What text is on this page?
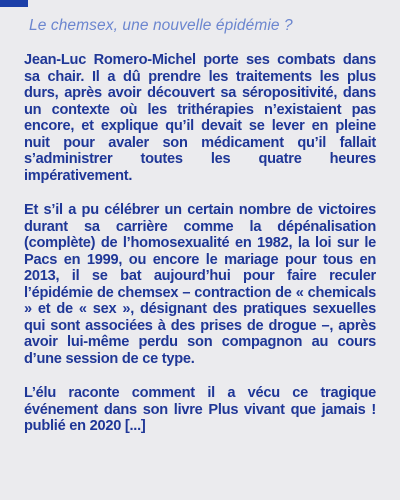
Le chemsex, une nouvelle épidémie ?

Jean-Luc Romero-Michel porte ses combats dans sa chair. Il a dû prendre les traitements les plus durs, après avoir découvert sa séropositivité, dans un contexte où les trithérapies n’existaient pas encore, et explique qu’il devait se lever en pleine nuit pour avaler son médicament qu’il fallait s’administrer toutes les quatre heures impérativement.

Et s’il a pu célébrer un certain nombre de victoires durant sa carrière comme la dépénalisation (complète) de l’homosexualité en 1982, la loi sur le Pacs en 1999, ou encore le mariage pour tous en 2013, il se bat aujourd’hui pour faire reculer l’épidémie de chemsex – contraction de « chemicals » et de « sex », désignant des pratiques sexuelles qui sont associées à des prises de drogue –, après avoir lui-même perdu son compagnon au cours d’une session de ce type.

L’élu raconte comment il a vécu ce tragique événement dans son livre Plus vivant que jamais ! publié en 2020 [...]
